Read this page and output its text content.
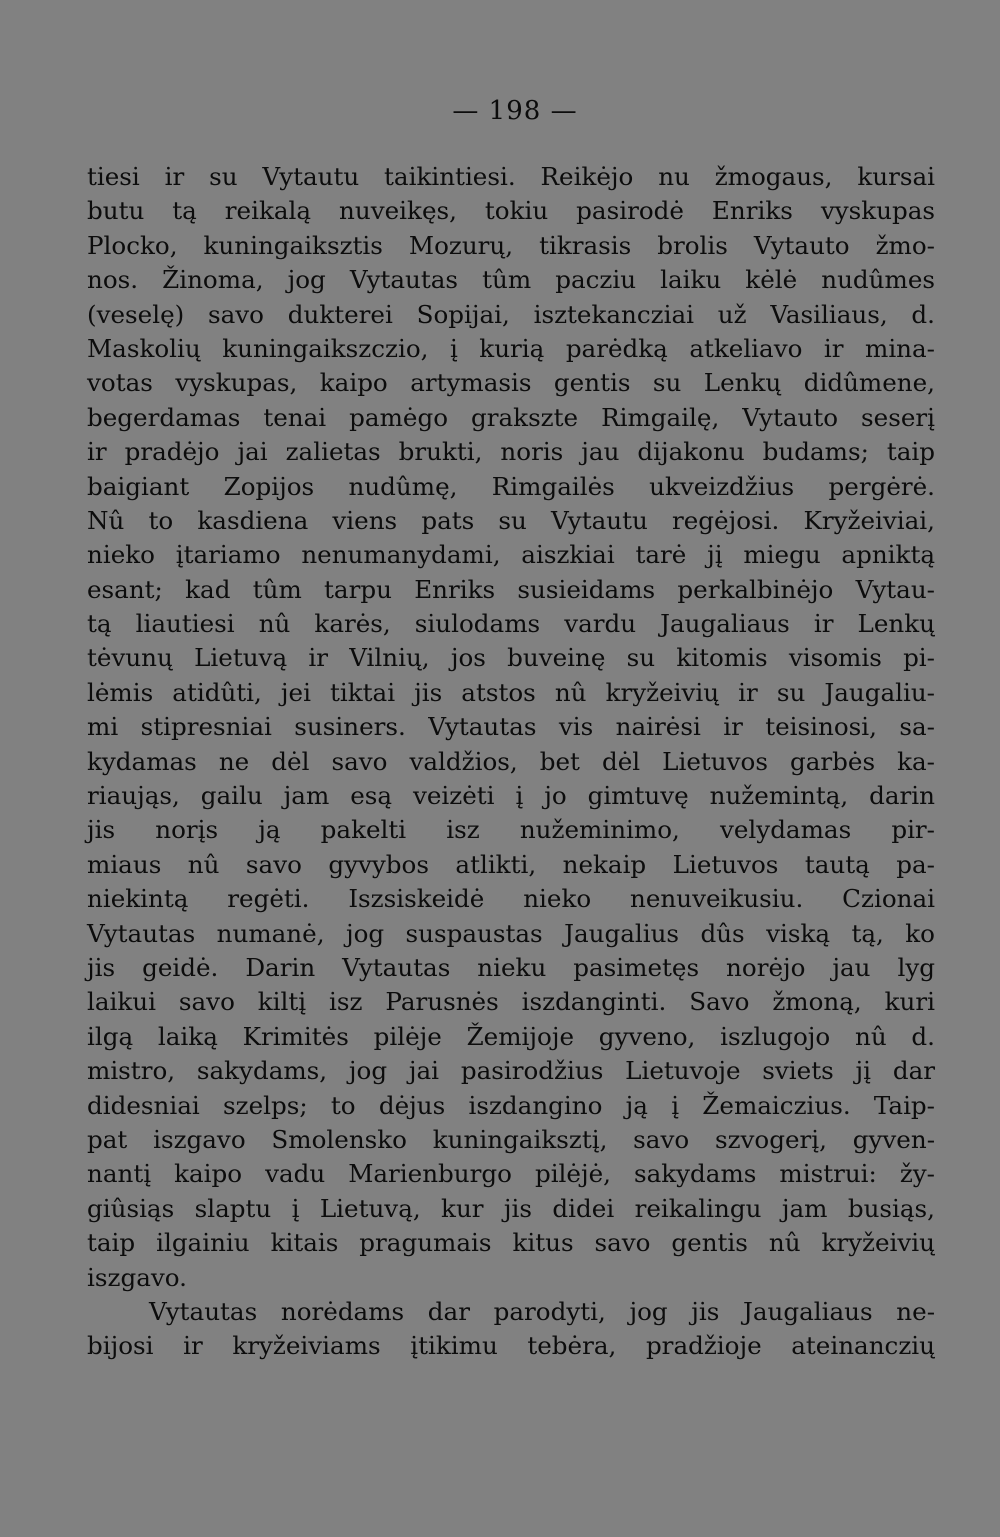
— 198 —
tiesi ir su Vytautu taikintiesi. Reikėjo nu žmogaus, kursai
butu tą reikalą nuveikęs, tokiu pasirodė Enriks vyskupas
Plocko, kuningaiksztis Mozurų, tikrasis brolis Vytauto žmo-
nos. Žinoma, jog Vytautas tûm pacziu laiku kėlė nudûmes
(veselę) savo dukterei Sopijai, isztekancziai už Vasiliaus, d.
Maskolių kuningaikszczio, į kurią parėdką atkeliavo ir mina-
votas vyskupas, kaipo artymasis gentis su Lenkų didûmene,
begerdamas tenai pamėgo grakszte Rimgailę, Vytauto seserį
ir pradėjo jai zalietas brukti, noris jau dijakonu budams; taip
baigiant Zopijos nudûmę, Rimgailės ukveizdžius pergėrė.
Nû to kasdiena viens pats su Vytautu regėjosi. Kryžeiviai,
nieko įtariamo nenumanydami, aiszkiai tarė jį miegu apniktą
esant; kad tûm tarpu Enriks susieidams perkalbinėjo Vytau-
tą liautiesi nû karės, siulodams vardu Jaugaliaus ir Lenkų
tėvunų Lietuvą ir Vilnių, jos buveinę su kitomis visomis pi-
lėmis atidûti, jei tiktai jis atstos nû kryžeivių ir su Jaugaliu-
mi stipresniai susiners. Vytautas vis nairėsi ir teisinosi, sa-
kydamas ne dėl savo valdžios, bet dėl Lietuvos garbės ka-
riaująs, gailu jam esą veizėti į jo gimtuvę nužemintą, darin
jis norįs ją pakelti isz nužeminimo, velydamas pir-
miaus nû savo gyvybos atlikti, nekaip Lietuvos tautą pa-
niekintą regėti. Iszsiskeidė nieko nenuveikusiu. Czionai
Vytautas numanė, jog suspaustas Jaugalius dûs viską tą, ko
jis geidė. Darin Vytautas nieku pasimetęs norėjo jau lyg
laikui savo kiltį isz Parusnės iszdanginti. Savo žmoną, kuri
ilgą laiką Krimitės pilėje Žemijoje gyveno, iszlugojo nû d.
mistro, sakydams, jog jai pasirodžius Lietuvoje sviets jį dar
didesniai szelps; to dėjus iszdangino ją į Žemaiczius. Taip-
pat iszgavo Smolensko kuningaiksztį, savo szvogerį, gyven-
nantį kaipo vadu Marienburgo pilėjė, sakydams mistrui: žy-
giûsiąs slaptu į Lietuvą, kur jis didei reikalingu jam busiąs,
taip ilgainiu kitais pragumais kitus savo gentis nû kryžeivių
iszgavo.
Vytautas norėdams dar parodyti, jog jis Jaugaliaus ne-
bijosi ir kryžeiviams įtikimu tebėra, pradžioje ateinanczių
